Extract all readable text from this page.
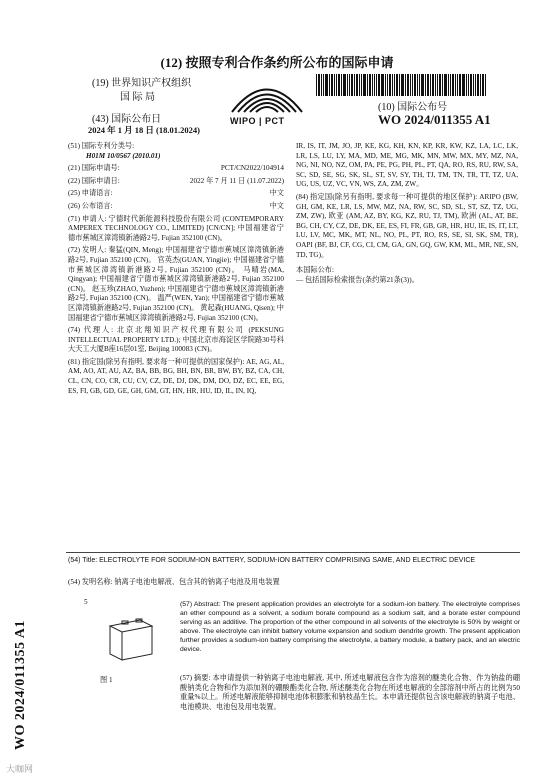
(12) 按照专利合作条约所公布的国际申请
(19) 世界知识产权组织
国 际 局
(43) 国际公布日
2024 年 1 月 18 日 (18.01.2024)
WIPO | PCT
(10) 国际公布号
WO 2024/011355 A1

(51) 国际专利分类号:
H01M 10/0567 (2010.01)

(21) 国际申请号:	PCT/CN2022/104914

(22) 国际申请日:	2022 年 7 月 11 日 (11.07.2022)

(25) 申请语言:	中文

(26) 公布语言:	中文

(71) 申请人: 宁德时代新能源科技股份有限公司 (CONTEMPORARY AMPEREX TECHNOLOGY CO., LIMITED) [CN/CN]; 中国福建省宁德市蕉城区漳湾镇新港路2号, Fujian 352100 (CN)。

(72) 发明人: 秦猛(QIN, Meng); 中国福建省宁德市蕉城区漳湾镇新港路2号, Fujian 352100 (CN)。 官英杰(GUAN, Yingjie); 中国福建省宁德市蕉城区漳湾镇新港路2号, Fujian 352100 (CN)。 马晴岩(MA, Qingyan); 中国福建省宁德市蕉城区漳湾镇新港路2号, Fujian 352100 (CN)。 赵玉珍(ZHAO, Yuzhen); 中国福建省宁德市蕉城区漳湾镇新港路2号, Fujian 352100 (CN)。 温严(WEN, Yan); 中国福建省宁德市蕉城区漳湾镇新港路2号, Fujian 352100 (CN)。 黄起森(HUANG, Qisen); 中国福建省宁德市蕉城区漳湾镇新港路2号, Fujian 352100 (CN)。

(74) 代理人: 北京北翔知识产权代理有限公司 (PEKSUNG INTELLECTUAL PROPERTY LTD.); 中国北京市海淀区学院路30号科大天工大厦B座16层01室, Beijing 100083 (CN)。

(81) 指定国(除另有指明, 要求每一种可提供的国家保护): AE, AG, AL, AM, AO, AT, AU, AZ, BA, BB, BG, BH, BN, BR, BW, BY, BZ, CA, CH, CL, CN, CO, CR, CU, CV, CZ, DE, DJ, DK, DM, DO, DZ, EC, EE, EG, ES, FI, GB, GD, GE, GH, GM, GT, HN, HR, HU, ID, IL, IN, IQ,

IR, IS, IT, JM, JO, JP, KE, KG, KH, KN, KP, KR, KW, KZ, LA, LC, LK, LR, LS, LU, LY, MA, MD, ME, MG, MK, MN, MW, MX, MY, MZ, NA, NG, NI, NO, NZ, OM, PA, PE, PG, PH, PL, PT, QA, RO, RS, RU, RW, SA, SC, SD, SE, SG, SK, SL, ST, SV, SY, TH, TJ, TM, TN, TR, TT, TZ, UA, UG, US, UZ, VC, VN, WS, ZA, ZM, ZW。

(84) 指定国(除另有指明, 要求每一种可提供的地区保护): ARIPO (BW, GH, GM, KE, LR, LS, MW, MZ, NA, RW, SC, SD, SL, ST, SZ, TZ, UG, ZM, ZW), 欧亚 (AM, AZ, BY, KG, KZ, RU, TJ, TM), 欧洲 (AL, AT, BE, BG, CH, CY, CZ, DE, DK, EE, ES, FI, FR, GB, GR, HR, HU, IE, IS, IT, LT, LU, LV, MC, MK, MT, NL, NO, PL, PT, RO, RS, SE, SI, SK, SM, TR), OAPI (BF, BJ, CF, CG, CI, CM, GA, GN, GQ, GW, KM, ML, MR, NE, SN, TD, TG)。

本国际公布:

— 包括国际检索报告(条约第21条(3))。

(54) Title: ELECTROLYTE FOR SODIUM-ION BATTERY, SODIUM-ION BATTERY COMPRISING SAME, AND ELECTRIC DEVICE
(54) 发明名称: 钠离子电池电解液、包含其的钠离子电池及用电装置
5
图 1
(57) Abstract: The present application provides an electrolyte for a sodium-ion battery. The electrolyte comprises an ether compound as a solvent, a sodium borate compound as a sodium salt, and a borate ester compound serving as an additive. The proportion of the ether compound in all solvents of the electrolyte is 50% by weight or above. The electrolyte can inhibit battery volume expansion and sodium dendrite growth. The present application further provides a sodium-ion battery comprising the electrolyte, a battery module, a battery pack, and an electric device.
(57) 摘要: 本申请提供一种钠离子电池电解液, 其中, 所述电解液包含作为溶剂的醚类化合物、作为钠盐的硼酸钠类化合物和作为添加剂的硼酸酯类化合物, 所述醚类化合物在所述电解液的全部溶剂中所占的比例为50重量%以上。所述电解液能够抑制电池体积膨胀和钠枝晶生长。本申请还提供包含该电解液的钠离子电池、电池模块、电池包及用电装置。
WO 2024/011355 A1
大咖网
